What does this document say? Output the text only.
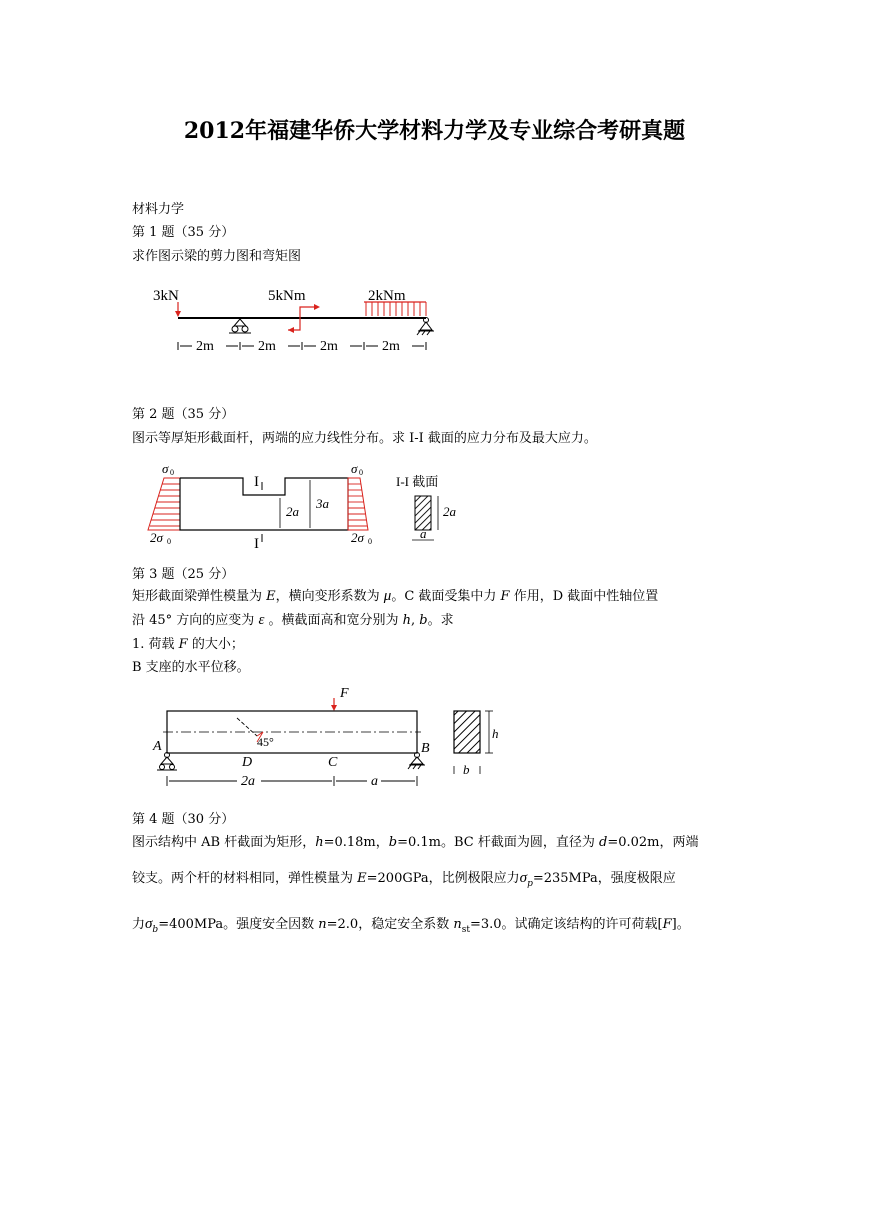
2012年福建华侨大学材料力学及专业综合考研真题
材料力学
第 1 题（35 分）
求作图示梁的剪力图和弯矩图
3kN	5kNm	2kNm
2m	2m	2m	2m
第 2 题（35 分）
图示等厚矩形截面杆，两端的应力线性分布。求 I-I 截面的应力分布及最大应力。
σ 0	σ 0
2σ 0	2σ 0
I
I
2a
3a
I-I 截面
2a
a
第 3 题（25 分）
矩形截面梁弹性模量为 E，横向变形系数为 μ。C 截面受集中力 F 作用，D 截面中性轴位置
沿 45° 方向的应变为 ε 。横截面高和宽分别为 h, b。求
1. 荷载 F 的大小；
B 支座的水平位移。
F
45°
A	B
D	C
2a	a
h
b
第 4 题（30 分）
图示结构中 AB 杆截面为矩形，h=0.18m，b=0.1m。BC 杆截面为圆，直径为 d=0.02m，两端
铰支。两个杆的材料相同，弹性模量为 E=200GPa，比例极限应力$\sigma_p=235MPa$，强度极限应
力$\sigma_b=400MPa$。强度安全因数 n=2.0，稳定安全系数 $n_{st}=3.0$。试确定该结构的许可荷载[F]。
